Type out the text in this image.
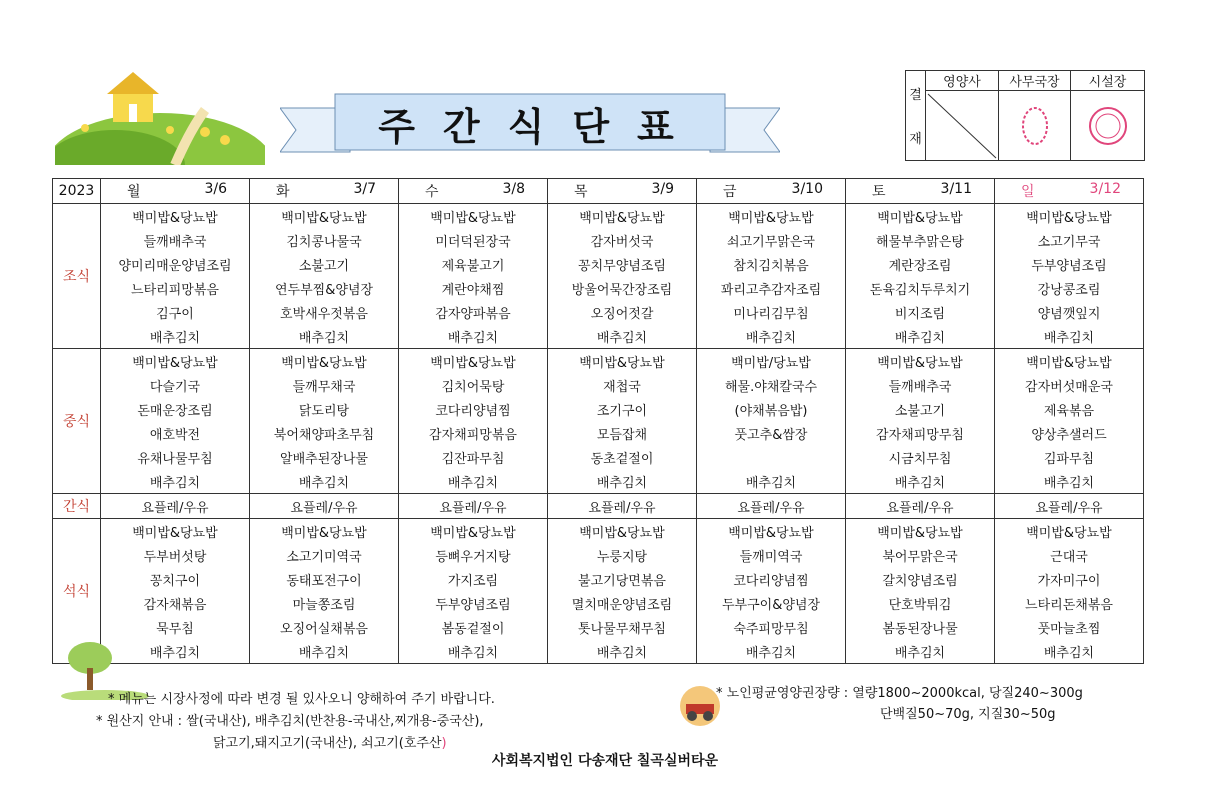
주간식단표
결
재
영양사	사무국장	시설장
2023	월 3/6	화 3/7	수 3/8	목 3/9	금 3/10	토 3/11	일 3/12

조식	백미밥&당뇨밥	백미밥&당뇨밥	백미밥&당뇨밥	백미밥&당뇨밥	백미밥&당뇨밥	백미밥&당뇨밥	백미밥&당뇨밥
	들깨배추국	김치콩나물국	미더덕된장국	감자버섯국	쇠고기무맑은국	해물부추맑은탕	소고기무국
	양미리매운양념조림	소불고기	제육불고기	꽁치무양념조림	참치김치볶음	계란장조림	두부양념조림
	느타리피망볶음	연두부찜&양념장	계란야채찜	방울어묵간장조림	꽈리고추감자조림	돈육김치두루치기	강낭콩조림
	김구이	호박새우젓볶음	감자양파볶음	오징어젓갈	미나리김무침	비지조림	양념깻잎지
	배추김치	배추김치	배추김치	배추김치	배추김치	배추김치	배추김치
중식	백미밥&당뇨밥	백미밥&당뇨밥	백미밥&당뇨밥	백미밥&당뇨밥	백미밥/당뇨밥	백미밥&당뇨밥	백미밥&당뇨밥
	다슬기국	들깨무채국	김치어묵탕	재첩국	해물.야채칼국수	들깨배추국	감자버섯매운국
	돈매운장조림	닭도리탕	코다리양념찜	조기구이	(야채볶음밥)	소불고기	제육볶음
	애호박전	북어채양파초무침	감자채피망볶음	모듬잡채	풋고추&쌈장	감자채피망무침	양상추샐러드
	유채나물무침	알배추된장나물	김잔파무침	동초겉절이		시금치무침	김파무침
	배추김치	배추김치	배추김치	배추김치	배추김치	배추김치	배추김치
간식	요플레/우유	요플레/우유	요플레/우유	요플레/우유	요플레/우유	요플레/우유	요플레/우유
석식	백미밥&당뇨밥	백미밥&당뇨밥	백미밥&당뇨밥	백미밥&당뇨밥	백미밥&당뇨밥	백미밥&당뇨밥	백미밥&당뇨밥
	두부버섯탕	소고기미역국	등뼈우거지탕	누룽지탕	들깨미역국	북어무맑은국	근대국
	꽁치구이	동태포전구이	가지조림	불고기당면볶음	코다리양념찜	갈치양념조림	가자미구이
	감자채볶음	마늘쫑조림	두부양념조림	멸치매운양념조림	두부구이&양념장	단호박튀김	느타리돈채볶음
	묵무침	오징어실채볶음	봄동겉절이	톳나물무채무침	숙주피망무침	봄동된장나물	풋마늘초찜
	배추김치	배추김치	배추김치	배추김치	배추김치	배추김치	배추김치
* 메뉴는 시장사정에 따라 변경 될 있사오니 양해하여 주기 바랍니다.
* 원산지 안내 : 쌀(국내산), 배추김치(반찬용-국내산,찌개용-중국산),
닭고기,돼지고기(국내산), 쇠고기(호주산)
* 노인평균영양권장량 : 열량1800~2000kcal, 당질240~300g
단백질50~70g, 지질30~50g
사회복지법인 다송재단 칠곡실버타운
